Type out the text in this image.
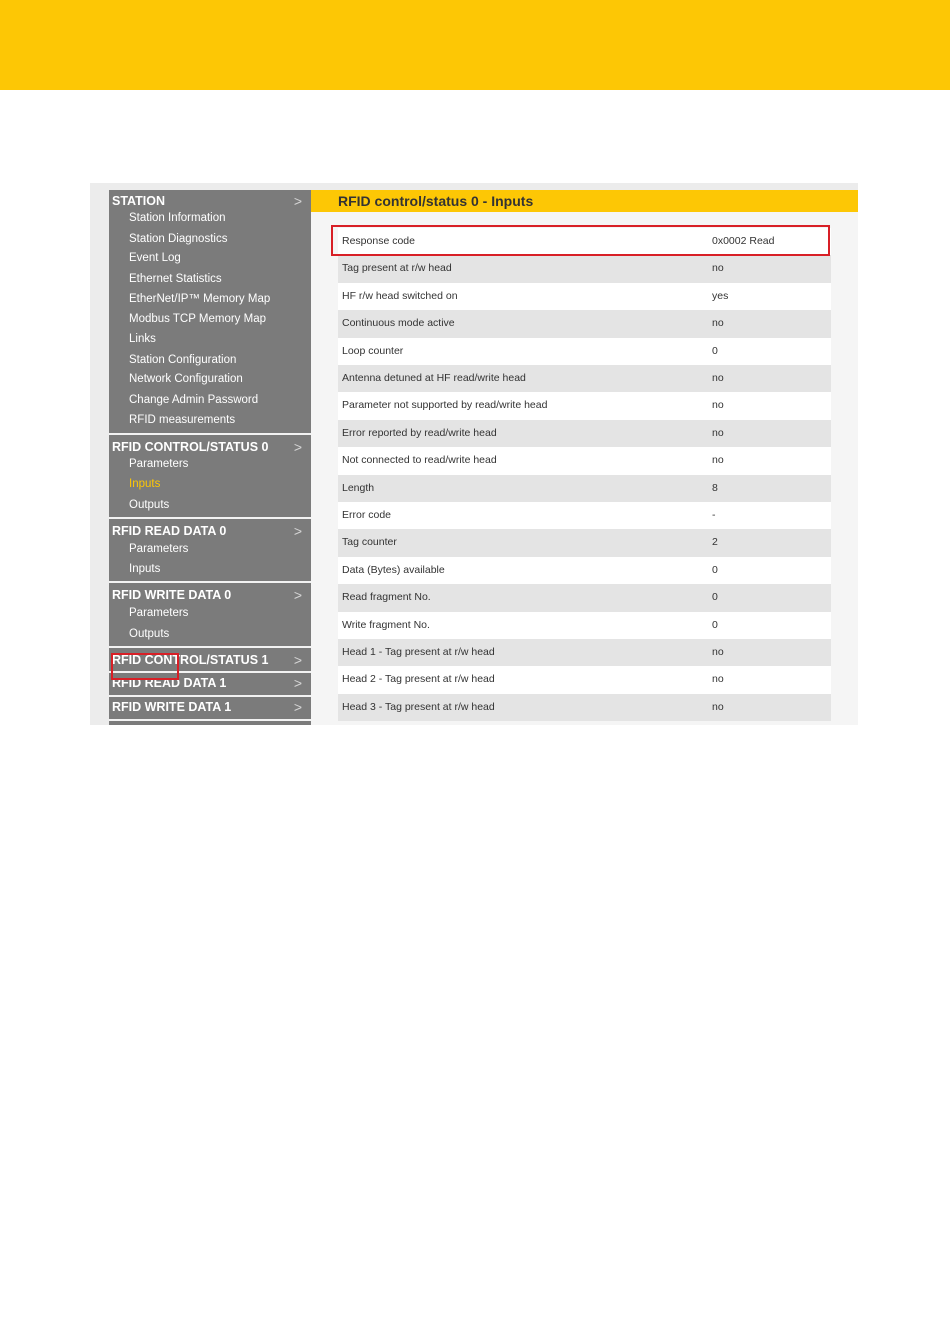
STATION	>
Station Information
Station Diagnostics
Event Log
Ethernet Statistics
EtherNet/IP™ Memory Map
Modbus TCP Memory Map
Links
Station Configuration
Network Configuration
Change Admin Password
RFID measurements
RFID CONTROL/STATUS 0 >
Parameters
Inputs
Outputs
RFID READ DATA 0	>
Parameters
Inputs
RFID WRITE DATA 0	>
Parameters
Outputs
RFID CONTROL/STATUS 1 >
RFID READ DATA 1	>
RFID WRITE DATA 1	>
RFID control/status 0 - Inputs
Response code	0x0002 Read
Tag present at r/w head	no
HF r/w head switched on	yes
Continuous mode active	no
Loop counter	0
Antenna detuned at HF read/write head	no
Parameter not supported by read/write head	no
Error reported by read/write head	no
Not connected to read/write head	no
Length	8
Error code	-
Tag counter	2
Data (Bytes) available	0
Read fragment No.	0
Write fragment No.	0
Head 1 - Tag present at r/w head	no
Head 2 - Tag present at r/w head	no
Head 3 - Tag present at r/w head	no
